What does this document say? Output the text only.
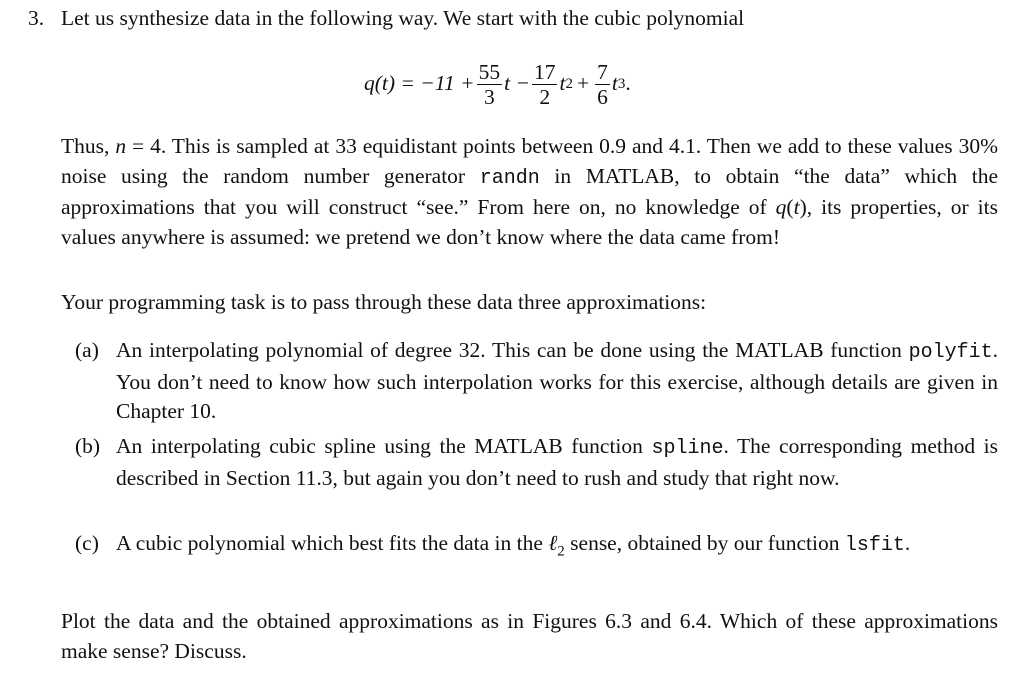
3. Let us synthesize data in the following way. We start with the cubic polynomial
$q(t) = -11 + \frac{55}{3}$ $t - \frac{17}{2}$ t $2 + \frac{7}{6}$ t 3 .
Thus, n = 4. This is sampled at 33 equidistant points between 0.9 and 4.1. Then we add to these values 30% noise using the random number generator randn in MATLAB, to obtain “the data” which the approximations that you will construct “see.” From here on, no knowledge of q(t), its properties, or its values anywhere is assumed: we pretend we don’t know where the data came from!
Your programming task is to pass through these data three approximations:
(a) An interpolating polynomial of degree 32. This can be done using the MATLAB function polyfit. You don’t need to know how such interpolation works for this exercise, although details are given in Chapter 10.
(b) An interpolating cubic spline using the MATLAB function spline. The corresponding method is described in Section 11.3, but again you don’t need to rush and study that right now.
(c) A cubic polynomial which best fits the data in the ℓ$_2$ sense, obtained by our function lsfit.
Plot the data and the obtained approximations as in Figures 6.3 and 6.4. Which of these approximations make sense? Discuss.
